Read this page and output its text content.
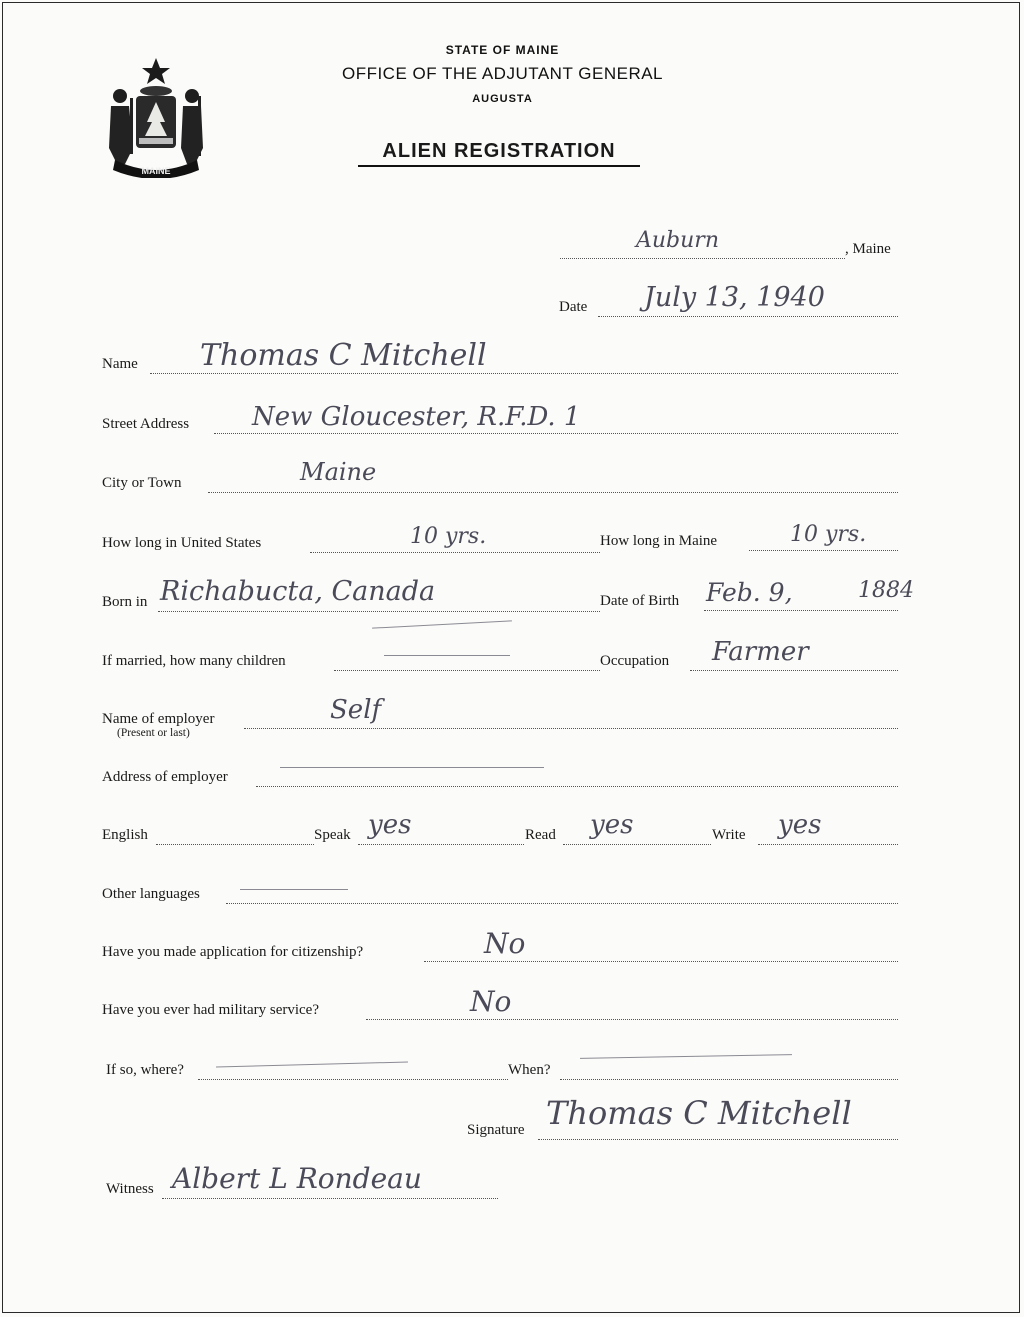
MAINE
STATE OF MAINE
OFFICE OF THE ADJUTANT GENERAL
AUGUSTA
ALIEN REGISTRATION
Auburn	, Maine
Date July 13, 1940
Name Thomas C Mitchell
Street Address New Gloucester, R.F.D. 1
City or Town	Maine
How long in United States	10 yrs.	How long in Maine	10 yrs.
Born in Richabucta, Canada	Date of Birth Feb. 9,	1884
If married, how many children	Occupation Farmer
Name of employer
(Present or last)
Self
Address of employer
English	Speak yes	Read yes	Write yes
Other languages
Have you made application for citizenship?	No
Have you ever had military service?	No
If so, where?	When?
Signature Thomas C Mitchell
Witness Albert L Rondeau
